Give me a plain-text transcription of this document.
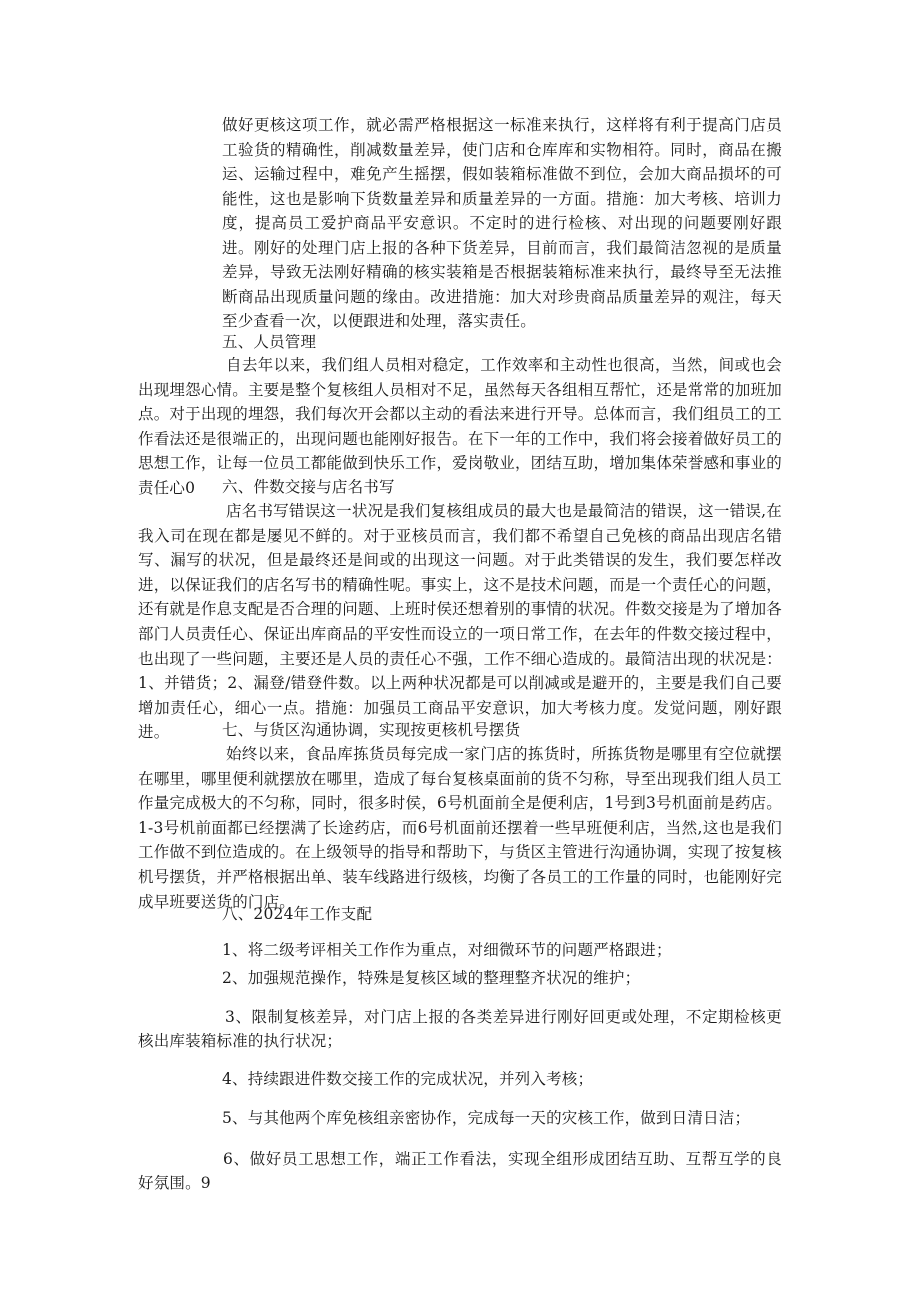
做好更核这项工作，就必需严格根据这一标准来执行，这样将有利于提高门店员工验货的精确性，削减数量差异，使门店和仓库库和实物相符。同时，商品在搬运、运输过程中，难免产生摇摆，假如装箱标准做不到位，会加大商品损坏的可能性，这也是影响下货数量差异和质量差异的一方面。措施：加大考核、培训力度，提高员工爱护商品平安意识。不定时的进行检核、对出现的问题要刚好跟进。刚好的处理门店上报的各种下货差异，目前而言，我们最简洁忽视的是质量差异，导致无法刚好精确的核实装箱是否根据装箱标准来执行，最终导至无法推断商品出现质量问题的缘由。改进措施：加大对珍贵商品质量差异的观注，每天至少查看一次，以便跟进和处理，落实责任。

五、人员管理

自去年以来，我们组人员相对稳定，工作效率和主动性也很高，当然，间或也会出现埋怨心情。主要是整个复核组人员相对不足，虽然每天各组相互帮忙，还是常常的加班加点。对于出现的埋怨，我们每次开会都以主动的看法来进行开导。总体而言，我们组员工的工作看法还是很端正的，出现问题也能刚好报告。在下一年的工作中，我们将会接着做好员工的思想工作，让每一位员工都能做到快乐工作，爱岗敬业，团结互助，增加集体荣誉感和事业的责任心0	六、件数交接与店名书写

店名书写错误这一状况是我们复核组成员的最大也是最简洁的错误，这一错误,在我入司在现在都是屡见不鲜的。对于亚核员而言，我们都不希望自己免核的商品出现店名错写、漏写的状况，但是最终还是间或的出现这一问题。对于此类错误的发生，我们要怎样改进，以保证我们的店名写书的精确性呢。事实上，这不是技术问题，而是一个责任心的问题，还有就是作息支配是否合理的问题、上班时侯还想着别的事情的状况。件数交接是为了增加各部门人员责任心、保证出库商品的平安性而设立的一项日常工作，在去年的件数交接过程中，也出现了一些问题，主要还是人员的责任心不强，工作不细心造成的。最简洁出现的状况是：1、并错货；2、漏登/错登件数。以上两种状况都是可以削减或是避开的，主要是我们自己要增加责任心，细心一点。措施：加强员工商品平安意识，加大考核力度。发觉问题，刚好跟进。	七、与货区沟通协调，实现按更核机号摆货

始终以来，食品库拣货员每完成一家门店的拣货时，所拣货物是哪里有空位就摆在哪里，哪里便利就摆放在哪里，造成了每台复核桌面前的货不匀称，导至出现我们组人员工作量完成极大的不匀称，同时，很多时侯，6号机面前全是便利店，1号到3号机面前是药店。1-3号机前面都已经摆满了长途药店，而6号机面前还摆着一些早班便利店，当然,这也是我们工作做不到位造成的。在上级领导的指导和帮助下，与货区主管进行沟通协调，实现了按复核机号摆货，并严格根据出单、装车线路进行级核，均衡了各员工的工作量的同时，也能刚好完成早班要送货的门店。

八、2024年工作支配

1、将二级考评相关工作作为重点，对细微环节的问题严格跟进；

2、加强规范操作，特殊是复核区域的整理整齐状况的维护；

3、限制复核差异，对门店上报的各类差异进行刚好回更或处理，不定期检核更核出库装箱标准的执行状况；

4、持续跟进件数交接工作的完成状况，并列入考核；

5、与其他两个库免核组亲密协作，完成每一天的灾核工作，做到日清日洁；

6、做好员工思想工作，端正工作看法，实现全组形成团结互助、互帮互学的良好氛围。9
